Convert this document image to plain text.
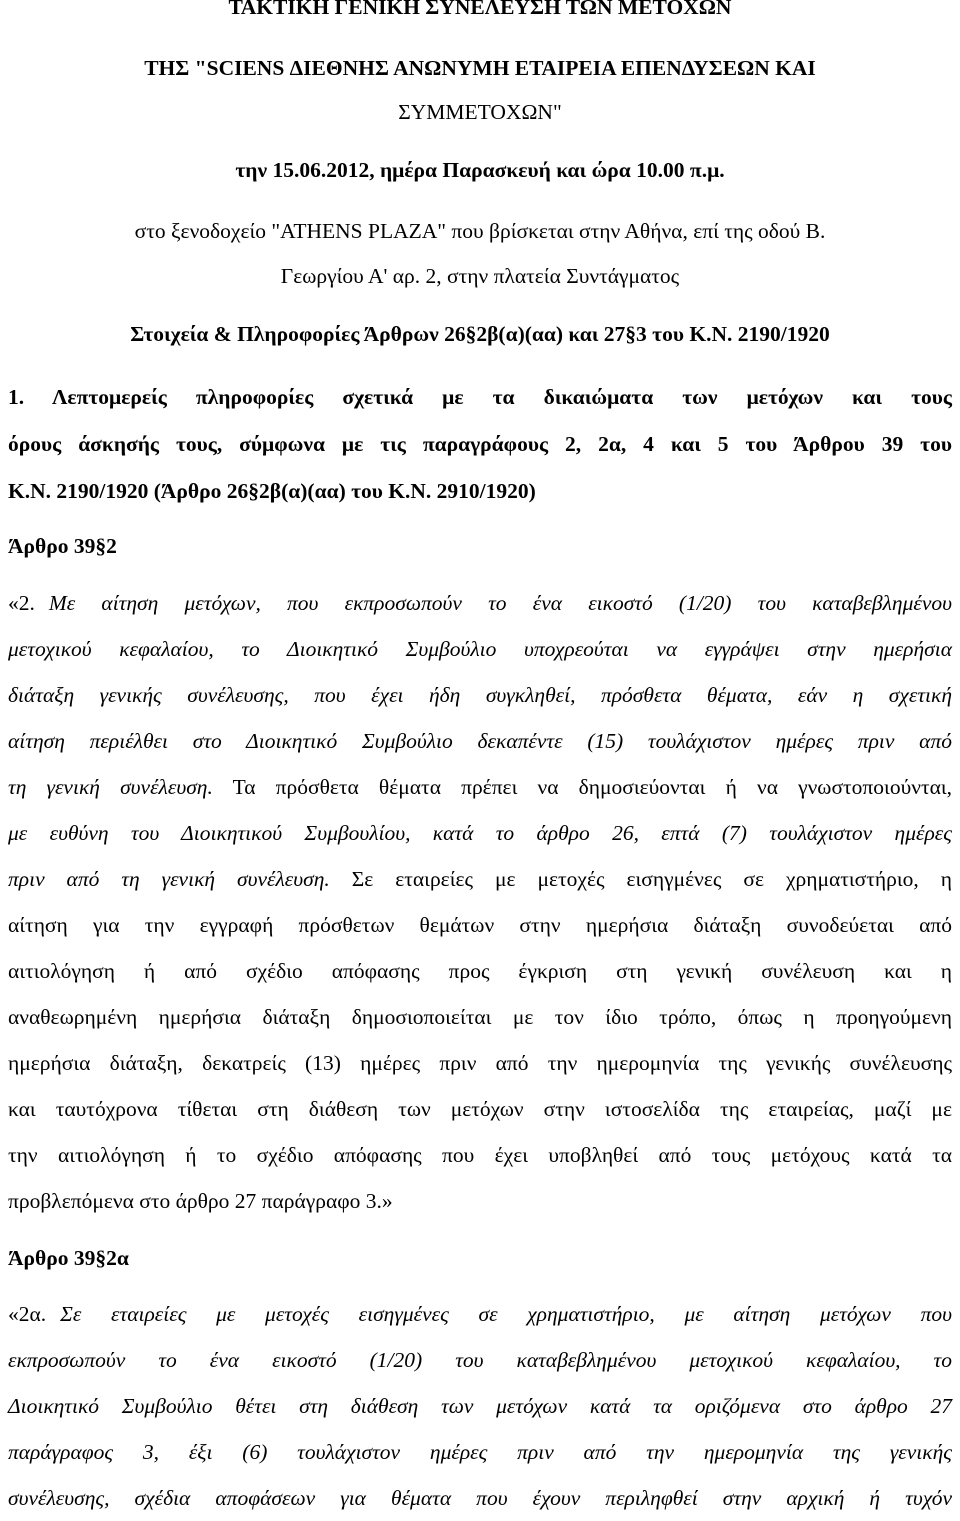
ΤΑΚΤΙΚΗ ΓΕΝΙΚΗ ΣΥΝΕΛΕΥΣΗ ΤΩΝ ΜΕΤΟΧΩΝ
ΤΗΣ "SCIENS ΔΙΕΘΝΗΣ ΑΝΩΝΥΜΗ ΕΤΑΙΡΕΙΑ ΕΠΕΝΔΥΣΕΩΝ ΚΑΙ
ΣΥΜΜΕΤΟΧΩΝ"
την 15.06.2012, ημέρα Παρασκευή και ώρα 10.00 π.μ.
στο ξενοδοχείο "ATHENS PLAZA" που βρίσκεται στην Αθήνα, επί της οδού Β.
Γεωργίου Α' αρ. 2, στην πλατεία Συντάγματος
Στοιχεία & Πληροφορίες Άρθρων 26§2β(α)(αα) και 27§3 του Κ.Ν. 2190/1920
1. Λεπτομερείς πληροφορίες σχετικά με τα δικαιώματα των μετόχων και τους
όρους άσκησής τους, σύμφωνα με τις παραγράφους 2, 2α, 4 και 5 του Άρθρου 39 του
Κ.Ν. 2190/1920 (Άρθρο 26§2β(α)(αα) του Κ.Ν. 2910/1920)
Άρθρο 39§2
«2. Με αίτηση μετόχων, που εκπροσωπούν το ένα εικοστό (1/20) του καταβεβλημένου
μετοχικού κεφαλαίου, το Διοικητικό Συμβούλιο υποχρεούται να εγγράψει στην ημερήσια
διάταξη γενικής συνέλευσης, που έχει ήδη συγκληθεί, πρόσθετα θέματα, εάν η σχετική
αίτηση περιέλθει στο Διοικητικό Συμβούλιο δεκαπέντε (15) τουλάχιστον ημέρες πριν από
τη γενική συνέλευση. Τα πρόσθετα θέματα πρέπει να δημοσιεύονται ή να γνωστοποιούνται,
με ευθύνη του Διοικητικού Συμβουλίου, κατά το άρθρο 26, επτά (7) τουλάχιστον ημέρες
πριν από τη γενική συνέλευση. Σε εταιρείες με μετοχές εισηγμένες σε χρηματιστήριο, η
αίτηση για την εγγραφή πρόσθετων θεμάτων στην ημερήσια διάταξη συνοδεύεται από
αιτιολόγηση ή από σχέδιο απόφασης προς έγκριση στη γενική συνέλευση και η
αναθεωρημένη ημερήσια διάταξη δημοσιοποιείται με τον ίδιο τρόπο, όπως η προηγούμενη
ημερήσια διάταξη, δεκατρείς (13) ημέρες πριν από την ημερομηνία της γενικής συνέλευσης
και ταυτόχρονα τίθεται στη διάθεση των μετόχων στην ιστοσελίδα της εταιρείας, μαζί με
την αιτιολόγηση ή το σχέδιο απόφασης που έχει υποβληθεί από τους μετόχους κατά τα
προβλεπόμενα στο άρθρο 27 παράγραφο 3.»
Άρθρο 39§2α
«2α. Σε εταιρείες με μετοχές εισηγμένες σε χρηματιστήριο, με αίτηση μετόχων που
εκπροσωπούν το ένα εικοστό (1/20) του καταβεβλημένου μετοχικού κεφαλαίου, το
Διοικητικό Συμβούλιο θέτει στη διάθεση των μετόχων κατά τα οριζόμενα στο άρθρο 27
παράγραφος 3, έξι (6) τουλάχιστον ημέρες πριν από την ημερομηνία της γενικής
συνέλευσης, σχέδια αποφάσεων για θέματα που έχουν περιληφθεί στην αρχική ή τυχόν
